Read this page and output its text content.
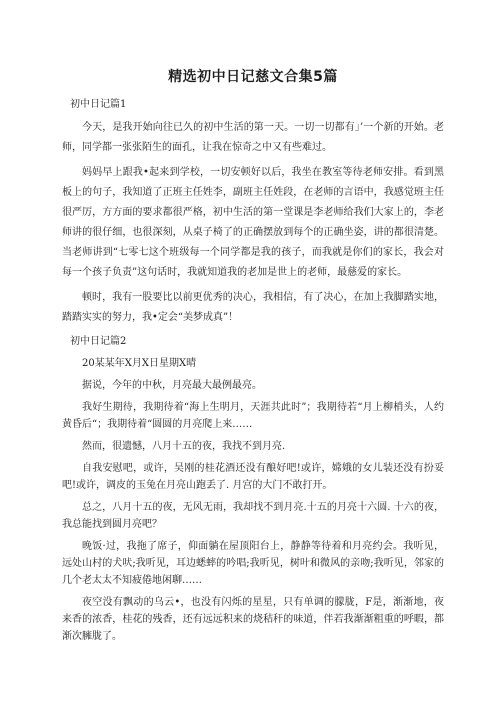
精选初中日记慈文合集5篇
初中日记篇1

今天，是我开始向往已久的初中生活的第一天。一切一切都有」’一个新的开始。老师，同学都一张张陌生的面孔，让我在惊奇之中又有些难过。

妈妈早上跟我•起来到学校，一切安顿好以后，我坐在教室等待老师安排。看到黑板上的句子，我知道了正班主任姓李，副班主任姓段，在老师的言语中，我感觉班主任很严厉，方方面的要求都很严格，初中生活的第一堂课是李老师给我们大家上的，李老师讲的很仔细，也很深刻，从桌子椅了的正确摆放到每个的正确坐姿，讲的都很清楚。当老师讲到“七零七这个班级每一个同学都是我的孩子，而我就是你们的家长，我会对每一个孩子负责”这句话时，我就知道我的老加是世上的老师，最慈爱的家长。

顿时，我有一股要比以前更优秀的决心，我相信，有了决心，在加上我脚踏实地，踏踏实实的努力，我•定会“美梦成真”！

初中日记篇2
20某某年X月X日星期X晴

据说，今年的中秋，月亮最大最例最亮。

我好生期待，我期待着“海上生明月，天涯共此时”；我期待若“月上柳梢头，人约黄昏后“；我期待着“圆圆的月亮爬上来……

然而，很遗憾，八月十五的夜，我找不到月亮.

自我安慰吧，或许，吴刚的桂花酒还没有酿好吧!或许，嫦娥的女儿装还没有扮妥吧!或许，调皮的玉兔在月亮山跑丢了. 月宫的大门不敢打开。

总之，八月十五的夜，无风无雨，我却找不到月亮.十五的月亮十六圆. 十六的夜，我总能找到圆月亮吧？

晚饭·过，我拖了席子，仰面躺在屋顶阳台上，静静等待着和月亮约会。我听见，远处山村的犬吠;我听见，耳边蟋蟀的吟唱;我听见，树叶和微风的亲吻;我听见，邻家的几个老太太不知疲倦地闲聊……

夜空没有飘动的乌云•，也没有闪烁的星星，只有单调的朦胧，F是，渐渐地，夜来香的浓香，桂花的残香，还有远远积来的烧秸秆的味道，伴若我渐渐粗重的呼暇，都渐次臃胧了。
